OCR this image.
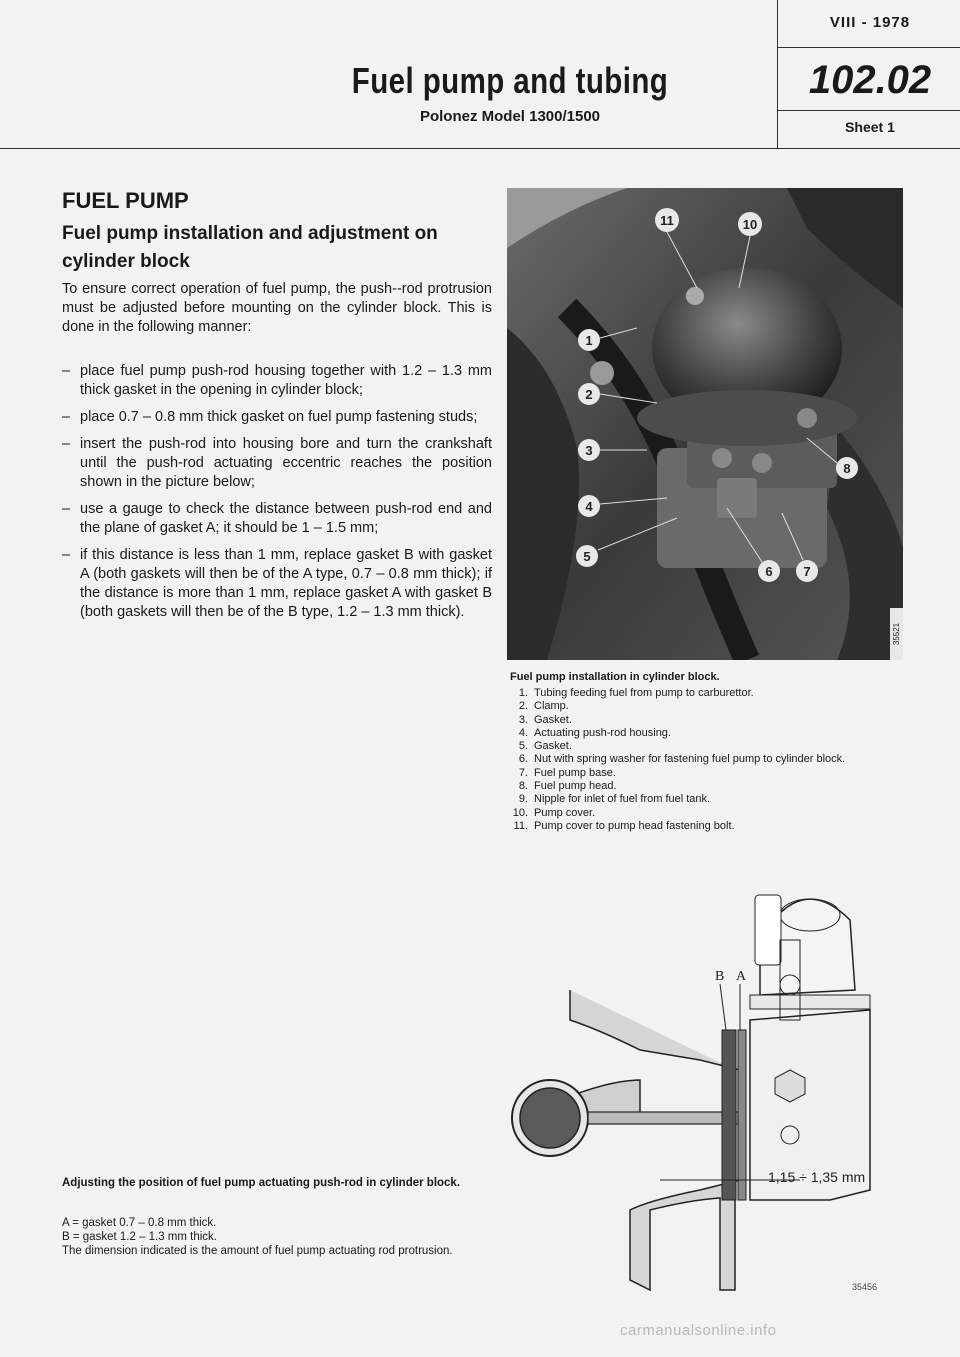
Fuel pump and tubing
Polonez Model 1300/1500
VIII - 1978
102.02
Sheet 1
FUEL PUMP
Fuel pump installation and adjustment on cylinder block
To ensure correct operation of fuel pump, the push--rod protrusion must be adjusted before mounting on the cylinder block. This is done in the following manner:
– place fuel pump push-rod housing together with 1.2 – 1.3 mm thick gasket in the opening in cylinder block;
– place 0.7 – 0.8 mm thick gasket on fuel pump fastening studs;
– insert the push-rod into housing bore and turn the crankshaft until the push-rod actuating eccentric reaches the position shown in the picture below;
– use a gauge to check the distance between push-rod end and the plane of gasket A; it should be 1 – 1.5 mm;
– if this distance is less than 1 mm, replace gasket B with gasket A (both gaskets will then be of the A type, 0.7 – 0.8 mm thick); if the distance is more than 1 mm, replace gasket A with gasket B (both gaskets will then be of the B type, 1.2 – 1.3 mm thick).
Adjusting the position of fuel pump actuating push-rod in cylinder block.
A = gasket 0.7 – 0.8 mm thick.
B = gasket 1.2 – 1.3 mm thick.
The dimension indicated is the amount of fuel pump actuating rod protrusion.
11	10
1
2
3
4
5
6 7
8
35521
Fuel pump installation in cylinder block.
1. Tubing feeding fuel from pump to carburettor.
2. Clamp.
3. Gasket.
4. Actuating push-rod housing.
5. Gasket.
6. Nut with spring washer for fastening fuel pump to cylinder block.
7. Fuel pump base.
8. Fuel pump head.
9. Nipple for inlet of fuel from fuel tank.
10. Pump cover.
11. Pump cover to pump head fastening bolt.
B A
1,15 ÷ 1,35 mm
35456
carmanualsonline.info
